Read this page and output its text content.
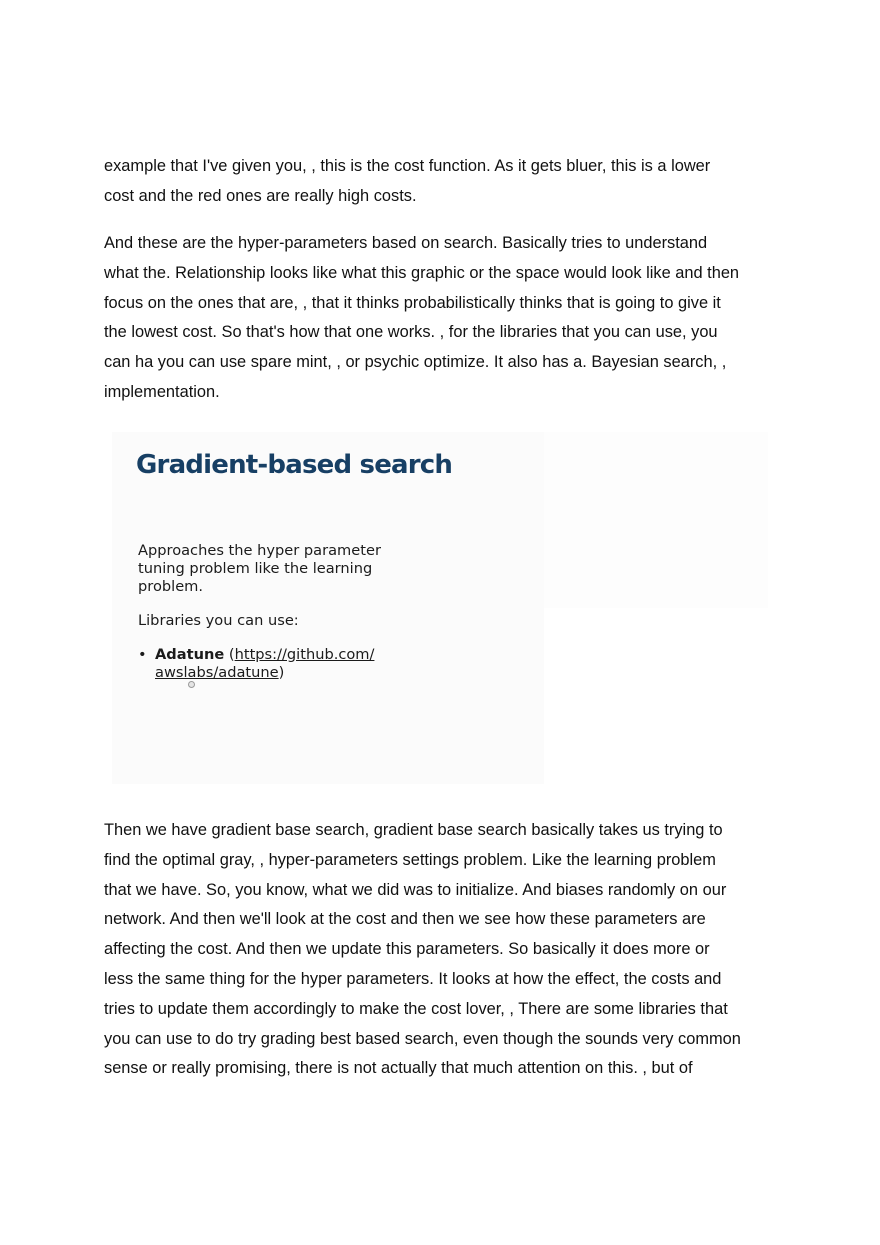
example that I've given you, , this is the cost function. As it gets bluer, this is a lower
cost and the red ones are really high costs.

And these are the hyper-parameters based on search. Basically tries to understand
what the. Relationship looks like what this graphic or the space would look like and then
focus on the ones that are, , that it thinks probabilistically thinks that is going to give it
the lowest cost. So that's how that one works. , for the libraries that you can use, you
can ha you can use spare mint, , or psychic optimize. It also has a. Bayesian search, ,
implementation.

Gradient-based search

Approaches the hyper parameter
tuning problem like the learning
problem.

Libraries you can use:

• Adatune (https://github.com/
awslabs/adatune)

Then we have gradient base search, gradient base search basically takes us trying to
find the optimal gray, , hyper-parameters settings problem. Like the learning problem
that we have. So, you know, what we did was to initialize. And biases randomly on our
network. And then we'll look at the cost and then we see how these parameters are
affecting the cost. And then we update this parameters. So basically it does more or
less the same thing for the hyper parameters. It looks at how the effect, the costs and
tries to update them accordingly to make the cost lover, , There are some libraries that
you can use to do try grading best based search, even though the sounds very common
sense or really promising, there is not actually that much attention on this. , but of
